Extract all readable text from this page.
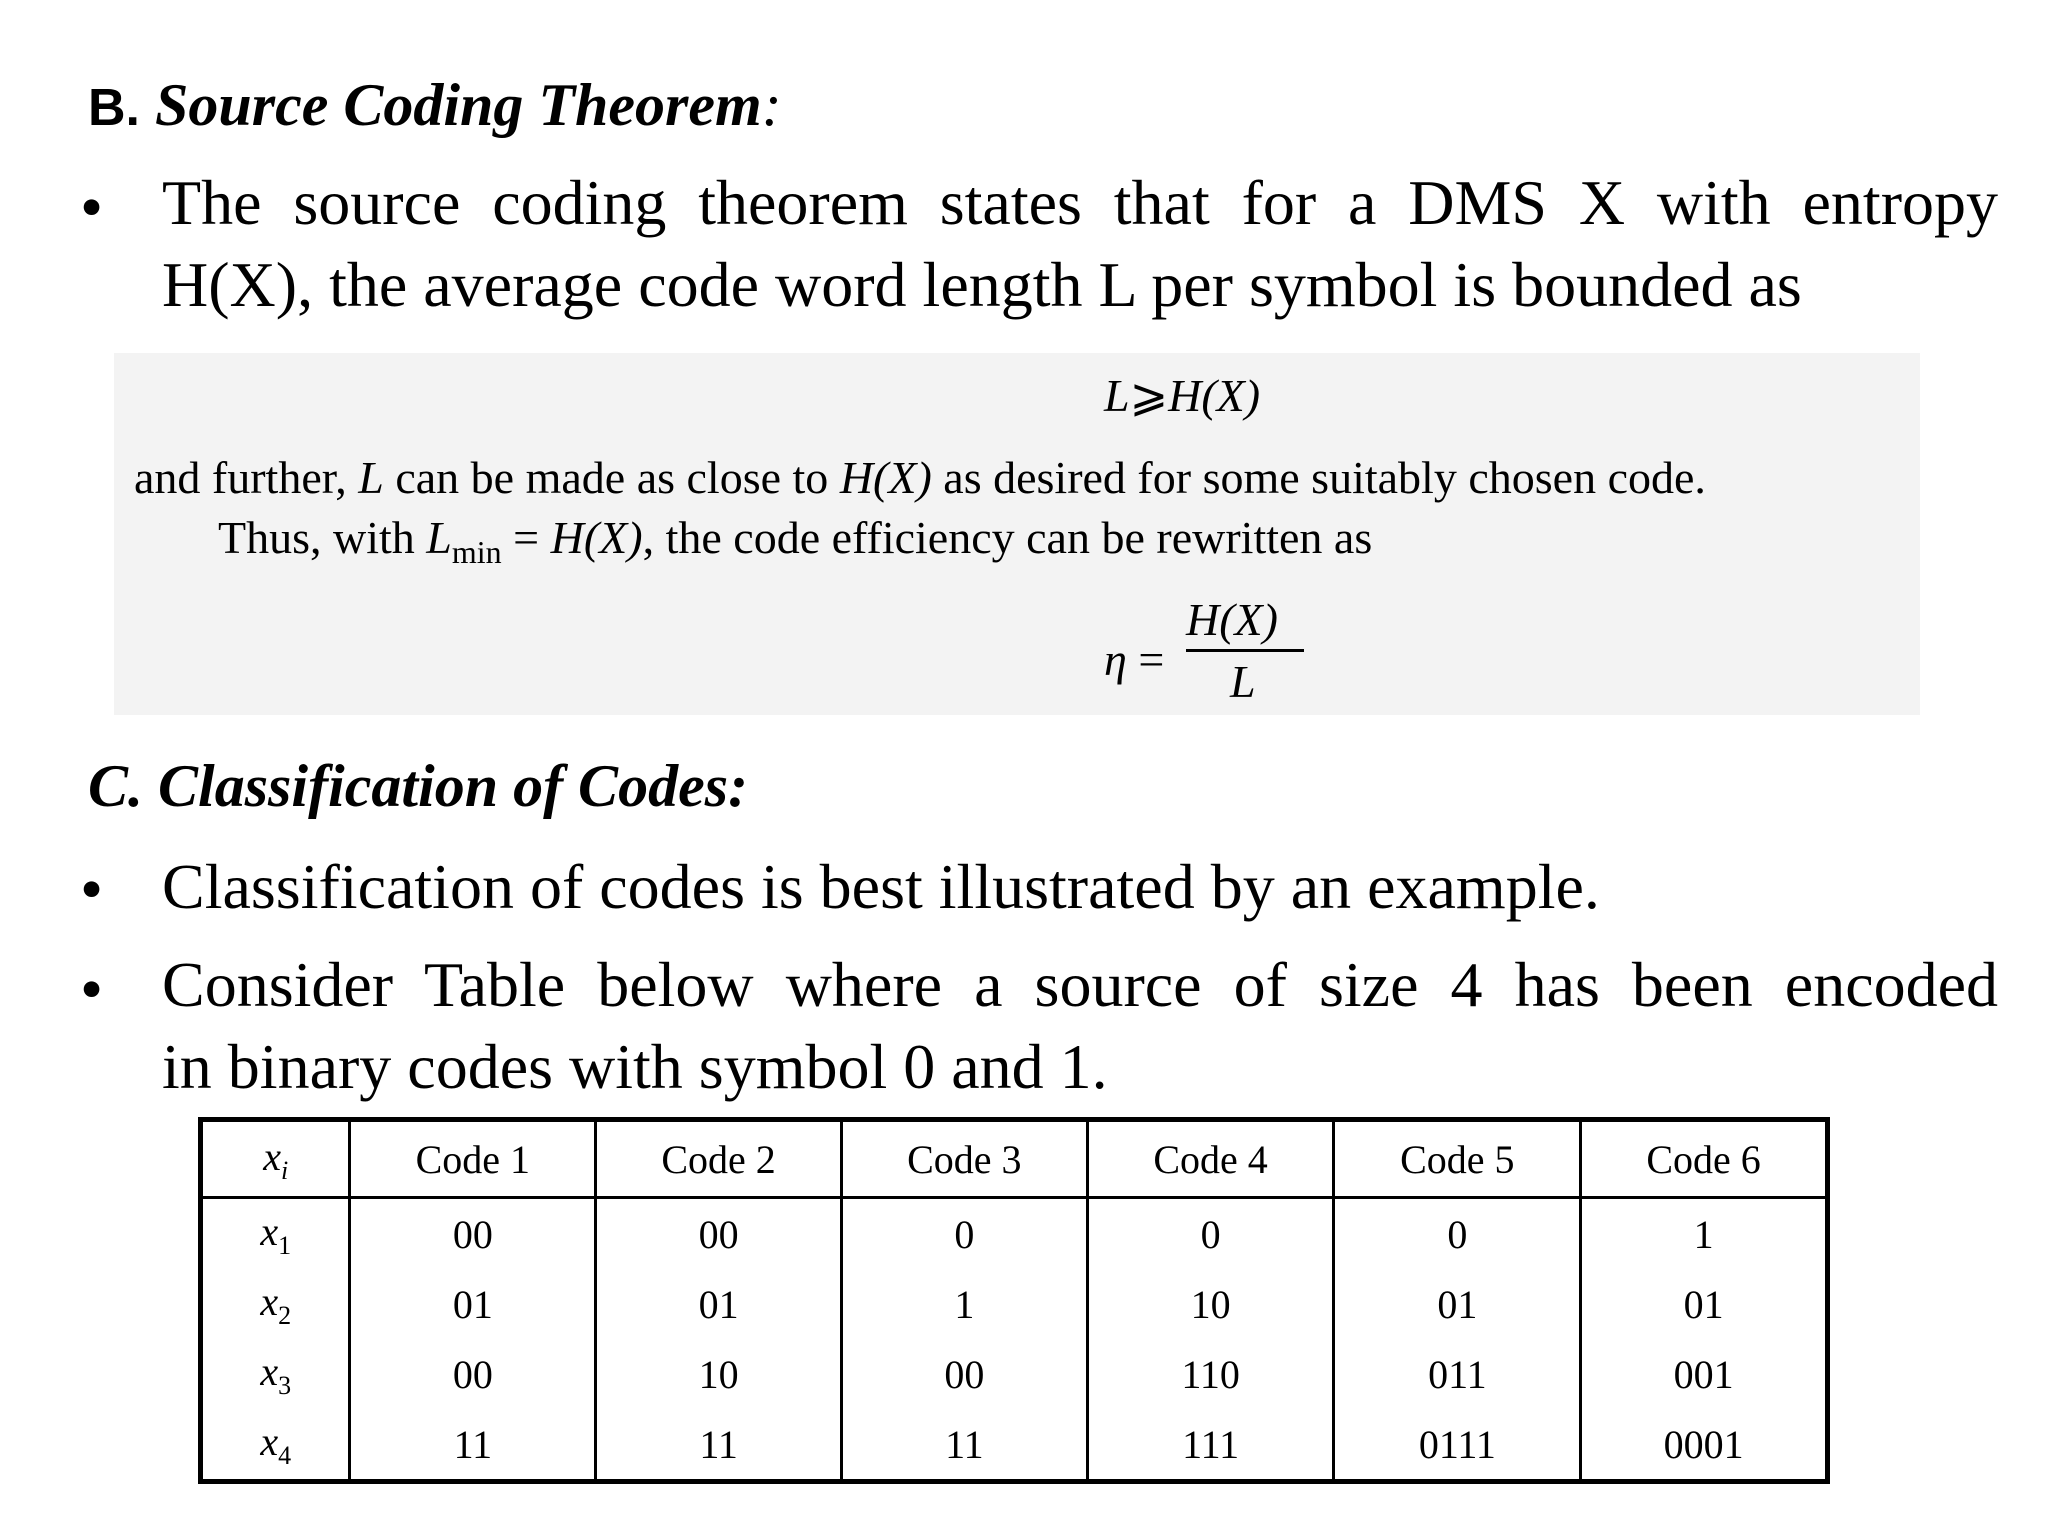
B. Source Coding Theorem:
• The source coding theorem states that for a DMS X with entropy
H(X), the average code word length L per symbol is bounded as
L⩾H(X)
and further, L can be made as close to H(X) as desired for some suitably chosen code.
Thus, with $L_{min} = H(X)$, the code efficiency can be rewritten as
η =
H(X)
L
C. Classification of Codes:
• Classification of codes is best illustrated by an example.
• Consider Table below where a source of size 4 has been encoded
in binary codes with symbol 0 and 1.
$x_i$	Code 1	Code 2	Code 3	Code 4	Code 5	Code 6
$x_1$	00	00	0	0	0	1
$x_2$	01	01	1	10	01	01
$x_3$	00	10	00	110	011	001
$x_4$	11	11	11	111	0111	0001
